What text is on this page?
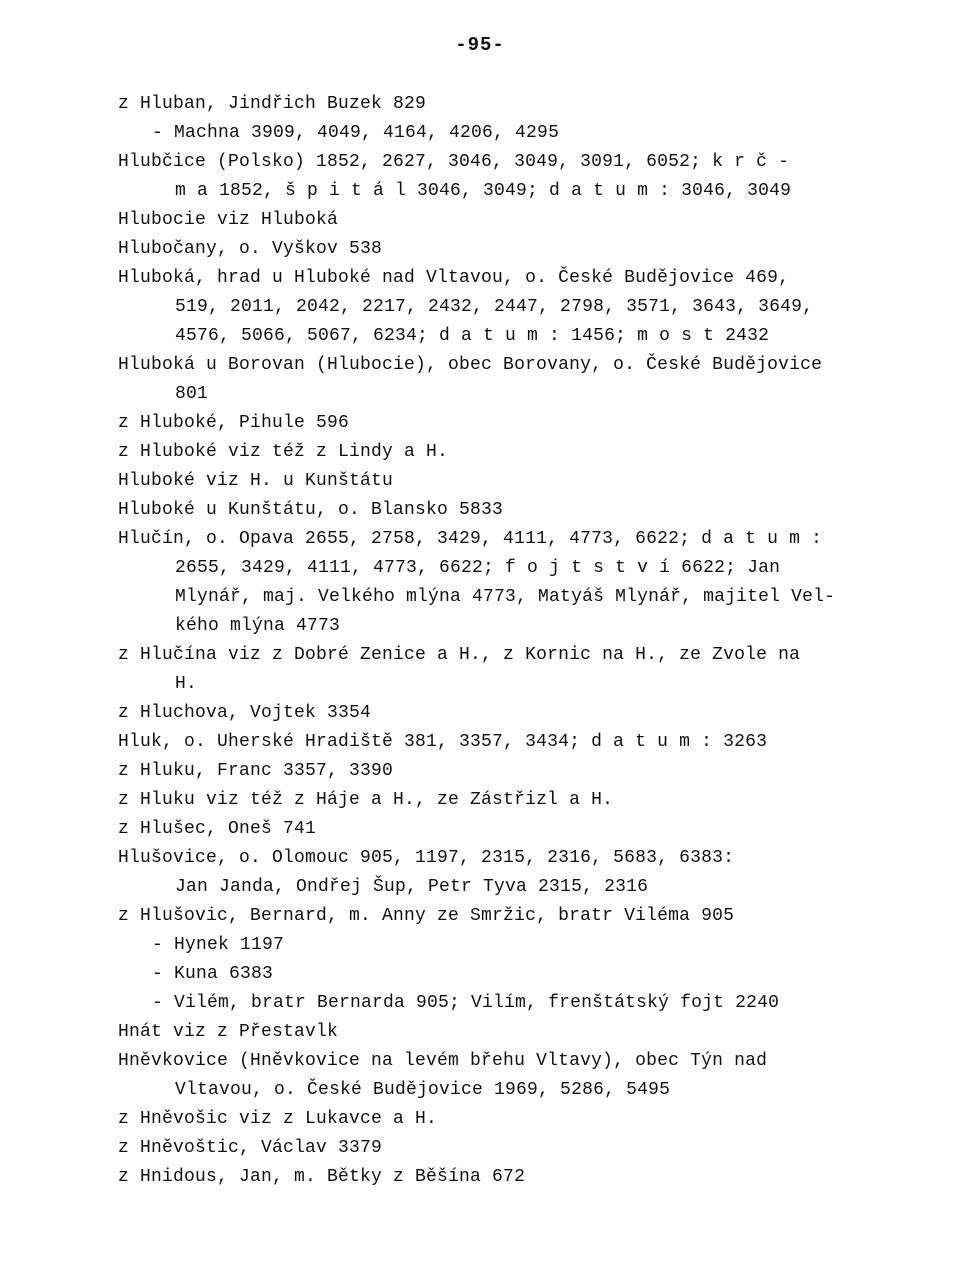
-95-
z Hluban, Jindřich Buzek 829
- Machna 3909, 4049, 4164, 4206, 4295
Hlubčice (Polsko) 1852, 2627, 3046, 3049, 3091, 6052; k r č -
m a 1852, š p i t á l 3046, 3049; d a t u m : 3046, 3049
Hlubocie viz Hluboká
Hlubočany, o. Vyškov 538
Hluboká, hrad u Hluboké nad Vltavou, o. České Budějovice 469,
519, 2011, 2042, 2217, 2432, 2447, 2798, 3571, 3643, 3649,
4576, 5066, 5067, 6234; d a t u m : 1456; m o s t 2432
Hluboká u Borovan (Hlubocie), obec Borovany, o. České Budějovice
801
z Hluboké, Pihule 596
z Hluboké viz též z Lindy a H.
Hluboké viz H. u Kunštátu
Hluboké u Kunštátu, o. Blansko 5833
Hlučín, o. Opava 2655, 2758, 3429, 4111, 4773, 6622; d a t u m :
2655, 3429, 4111, 4773, 6622; f o j t s t v í 6622; Jan
Mlynář, maj. Velkého mlýna 4773, Matyáš Mlynář, majitel Vel-
kého mlýna 4773
z Hlučína viz z Dobré Zenice a H., z Kornic na H., ze Zvole na
H.
z Hluchova, Vojtek 3354
Hluk, o. Uherské Hradiště 381, 3357, 3434; d a t u m : 3263
z Hluku, Franc 3357, 3390
z Hluku viz též z Háje a H., ze Zástřizl a H.
z Hlušec, Oneš 741
Hlušovice, o. Olomouc 905, 1197, 2315, 2316, 5683, 6383:
Jan Janda, Ondřej Šup, Petr Tyva 2315, 2316
z Hlušovic, Bernard, m. Anny ze Smržic, bratr Viléma 905
- Hynek 1197
- Kuna 6383
- Vilém, bratr Bernarda 905; Vilím, frenštátský fojt 2240
Hnát viz z Přestavlk
Hněvkovice (Hněvkovice na levém břehu Vltavy), obec Týn nad
Vltavou, o. České Budějovice 1969, 5286, 5495
z Hněvošic viz z Lukavce a H.
z Hněvoštic, Václav 3379
z Hnidous, Jan, m. Bětky z Běšína 672
